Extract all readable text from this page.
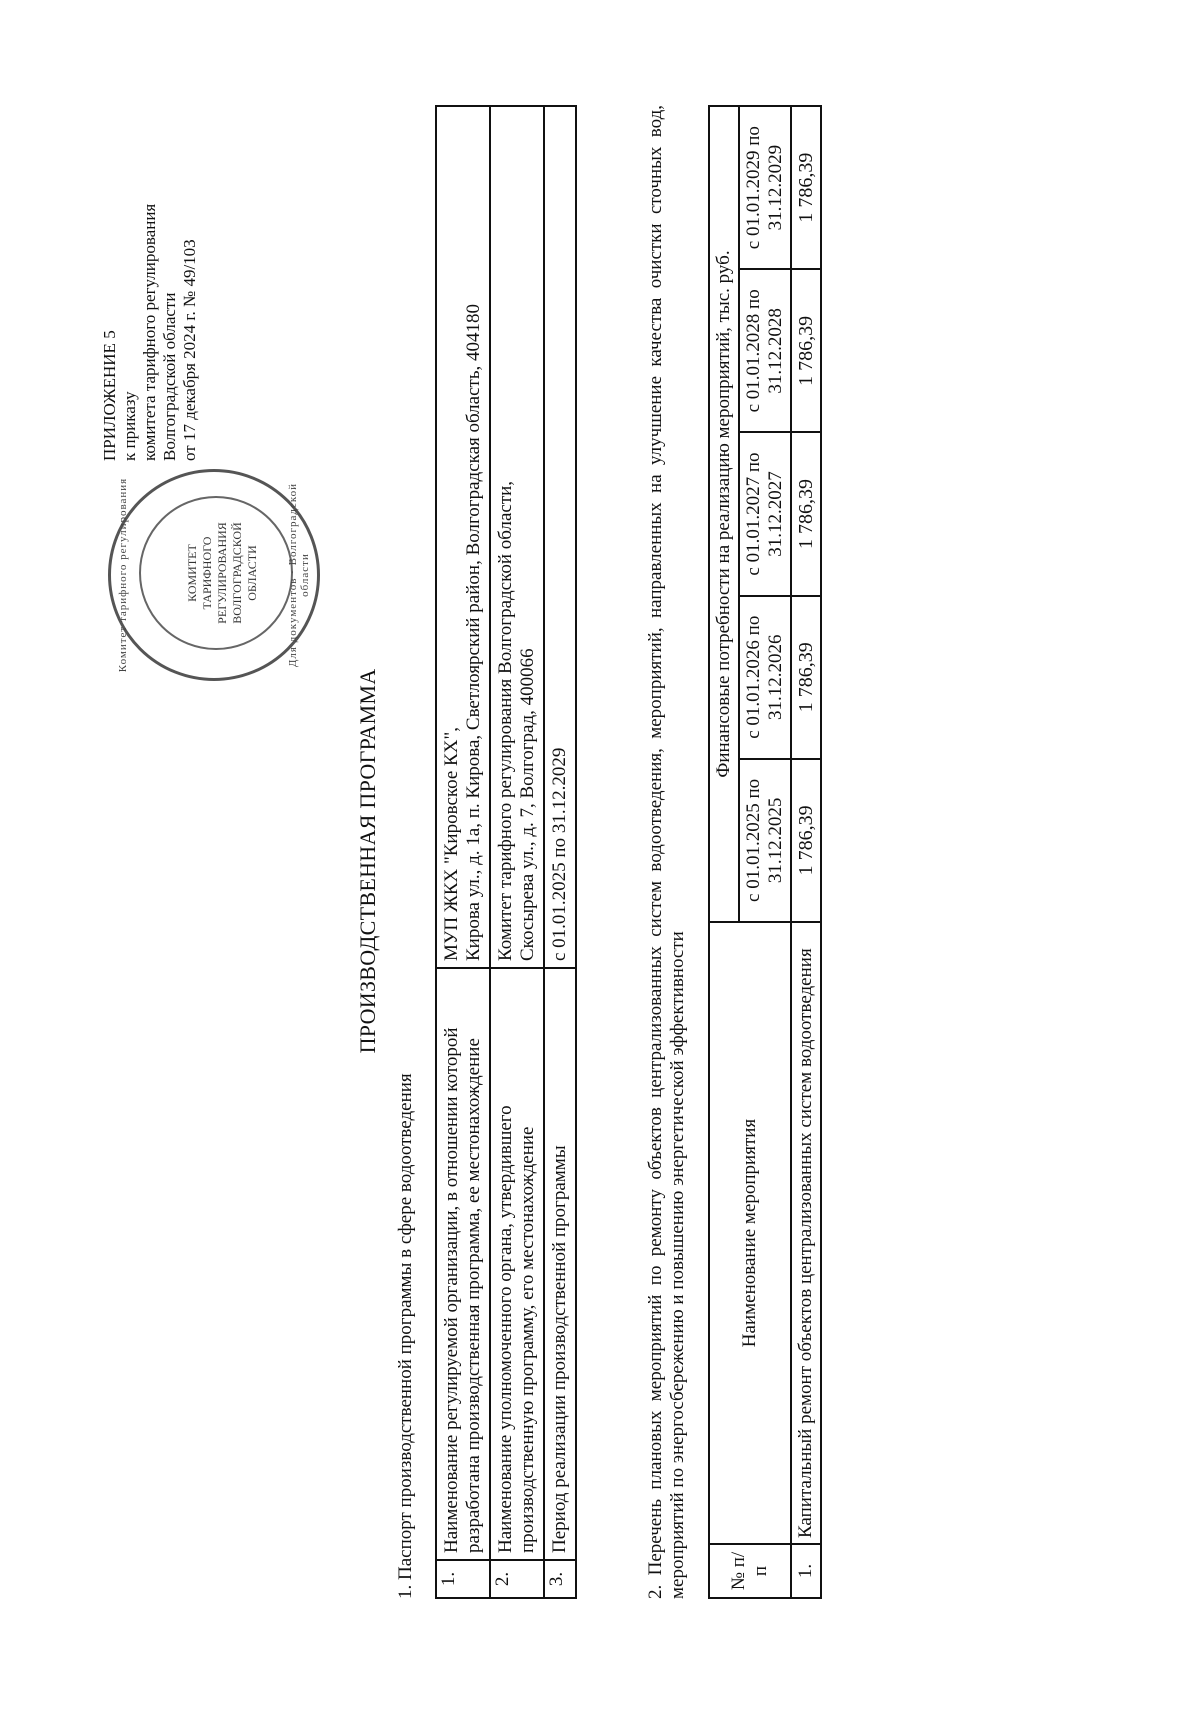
Комитет тарифного регулирования	КОМИТЕТ ТАРИФНОГО РЕГУЛИРОВАНИЯ ВОЛГОГРАДСКОЙ ОБЛАСТИ
Для документов · Волгоградской области
ПРИЛОЖЕНИЕ 5 к приказу комитета тарифного регулирования Волгоградской области от 17 декабря 2024 г. № 49/103
ПРОИЗВОДСТВЕННАЯ ПРОГРАММА
1. Паспорт производственной программы в сфере водоотведения 1.	Наименование регулируемой организации, в отношении которой разработана производственная программа, ее местонахождение	МУП ЖКХ "Кировское КХ", Кирова ул., д. 1а, п. Кирова, Светлоярский район, Волгоградская область, 404180

2.	Наименование уполномоченного органа, утвердившего производственную программу, его местонахождение	Комитет тарифного регулирования Волгоградской области, Скосырева ул., д. 7, Волгоград, 400066

3.	Период реализации производственной программы	с 01.01.2025 по 31.12.2029	2. Перечень плановых мероприятий по ремонту объектов централизованных систем водоотведения, мероприятий, направленных на улучшение качества очистки сточных вод, мероприятий по энергосбережению и повышению энергетической эффективности № п/п	Наименование мероприятия	Финансовые потребности на реализацию мероприятий, тыс. руб.				
		с 01.01.2025 по 31.12.2025	с 01.01.2026 по 31.12.2026	с 01.01.2027 по 31.12.2027	с 01.01.2028 по 31.12.2028	с 01.01.2029 по 31.12.2029
1.	Капитальный ремонт объектов централизованных систем водоотведения	1 786,39	1 786,39	1 786,39	1 786,39	1 786,39
